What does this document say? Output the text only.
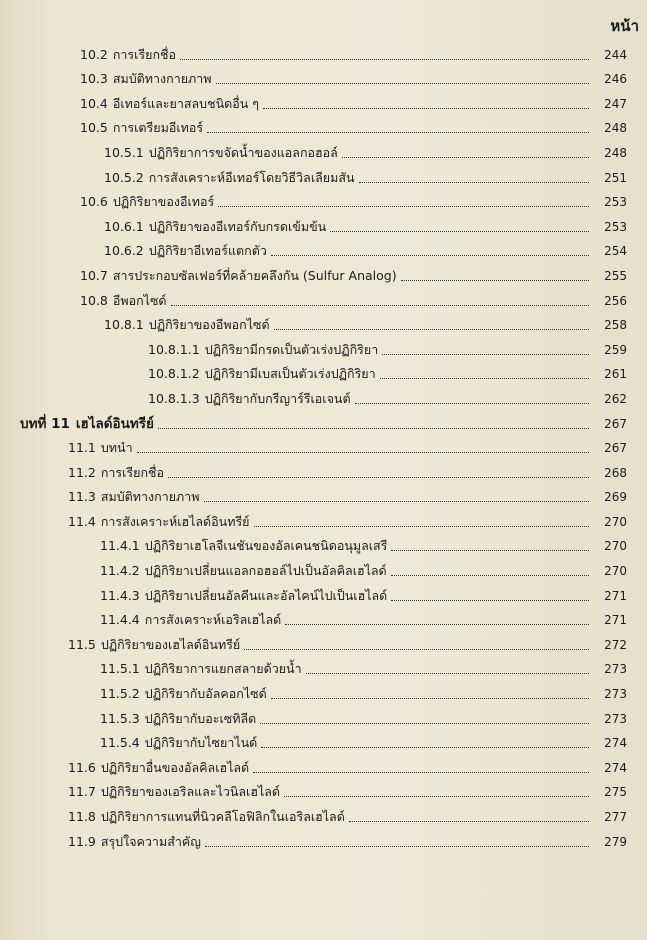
หน้า
10.2 การเรียกชื่อ	244
10.3 สมบัติทางกายภาพ	246
10.4 อีเทอร์และยาสลบชนิดอื่น ๆ	247
10.5 การเตรียมอีเทอร์	248
10.5.1 ปฏิกิริยาการขจัดน้ำของแอลกอฮอล์	248
10.5.2 การสังเคราะห์อีเทอร์โดยวิธีวิลเลียมสัน	251
10.6 ปฏิกิริยาของอีเทอร์	253
10.6.1 ปฏิกิริยาของอีเทอร์กับกรดเข้มข้น	253
10.6.2 ปฏิกิริยาอีเทอร์แตกตัว	254
10.7 สารประกอบซัลเฟอร์ที่คล้ายคลึงกัน (Sulfur Analog)	255
10.8 อีพอกไซด์	256
10.8.1 ปฏิกิริยาของอีพอกไซด์	258
10.8.1.1 ปฏิกิริยามีกรดเป็นตัวเร่งปฏิกิริยา	259
10.8.1.2 ปฏิกิริยามีเบสเป็นตัวเร่งปฏิกิริยา	261
10.8.1.3 ปฏิกิริยากับกรีญาร์รีเอเจนต์	262
บทที่ 11 เฮไลด์อินทรีย์	267
11.1 บทนำ	267
11.2 การเรียกชื่อ	268
11.3 สมบัติทางกายภาพ	269
11.4 การสังเคราะห์เฮไลด์อินทรีย์	270
11.4.1 ปฏิกิริยาเฮโลจีเนชันของอัลเคนชนิดอนุมูลเสรี	270
11.4.2 ปฏิกิริยาเปลี่ยนแอลกอฮอล์ไปเป็นอัลคิลเฮไลด์	270
11.4.3 ปฏิกิริยาเปลี่ยนอัลคีนและอัลไคน์ไปเป็นเฮไลด์	271
11.4.4 การสังเคราะห์เอริลเฮไลด์	271
11.5 ปฏิกิริยาของเฮไลด์อินทรีย์	272
11.5.1 ปฏิกิริยาการแยกสลายด้วยน้ำ	273
11.5.2 ปฏิกิริยากับอัลคอกไซด์	273
11.5.3 ปฏิกิริยากับอะเซทิลีด	273
11.5.4 ปฏิกิริยากับไซยาไนด์	274
11.6 ปฏิกิริยาอื่นของอัลคิลเฮไลด์	274
11.7 ปฏิกิริยาของเอริลและไวนิลเฮไลด์	275
11.8 ปฏิกิริยาการแทนที่นิวคลีโอฟิลิกในเอริลเฮไลด์	277
11.9 สรุปใจความสำคัญ	279
